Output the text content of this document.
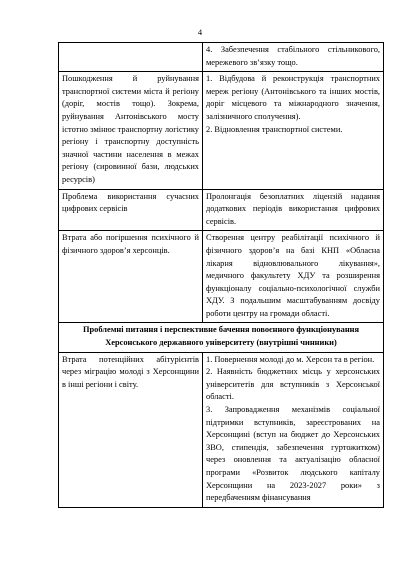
4

	4. Забезпечення стабільного стільникового, мережевого зв’язку тощо.

Пошкодження й руйнування транспортної системи міста й регіону (доріг, мостів тощо). Зокрема, руйнування Антонівського мосту істотно змінює транспортну логістику регіону і транспортну доступність значної частини населення в межах регіону (сировинної бази, людських ресурсів)	1. Відбудова й реконструкція транспортних мереж регіону (Антонівського та інших мостів, доріг місцевого та міжнародного значення, залізничного сполучення).
2. Відновлення транспортної системи.

Проблема використання сучасних цифрових сервісів	Пролонгація безоплатних ліцензій надання додаткових періодів використання цифрових сервісів.

Втрата або погіршення психічного й фізичного здоров’я херсонців.	Створення центру реабілітації психічного й фізичного здоров’я на базі КНП «Обласна лікарня відновлювального лікування», медичного факультету ХДУ та розширення функціоналу соціально-психологічної служби ХДУ. З подальшим масштабуванням досвіду роботи центру на громади області.

Проблемні питання і перспективне бачення повоєнного функціонування Херсонського державного університету (внутрішні чинники)	
Втрата потенційних абітурієнтів через міграцію молоді з Херсонщини в інші регіони і світу.	1. Повернення молоді до м. Херсон та в регіон.
2. Наявність бюджетних місць у херсонських університетів для вступників з Херсонської області.
3. Запровадження механізмів соціальної підтримки вступників, зареєстрованих на Херсонщині (вступ на бюджет до Херсонських ЗВО, стипендія, забезпечення гуртожитком) через оновлення та актуалізацію обласної програми «Розвиток людського капіталу Херсонщини на 2023-2027 роки» з передбаченням фінансування
